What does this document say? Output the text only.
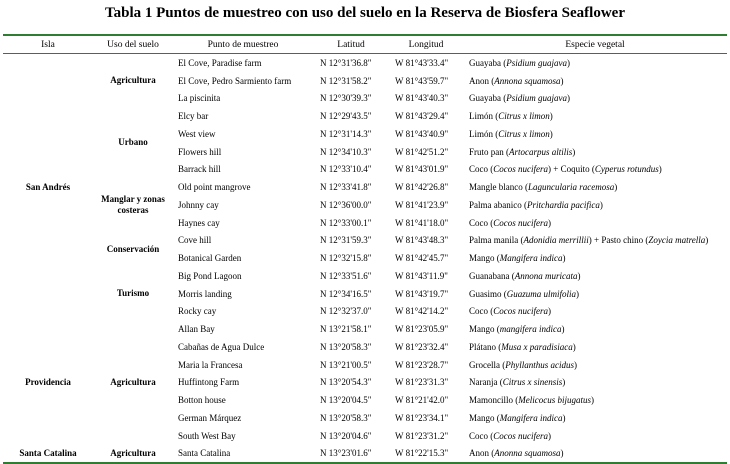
Tabla 1 Puntos de muestreo con uso del suelo en la Reserva de Biosfera Seaflower
Isla	Uso del suelo	Punto de muestreo	Latitud	Longitud	Especie vegetal
San Andrés	Agricultura	El Cove, Paradise farm	N 12°31'36.8"	W 81°43'33.4"	Guayaba (Psidium guajava)
		El Cove, Pedro Sarmiento farm	N 12°31'58.2"	W 81°43'59.7"	Anon (Annona squamosa)
		La piscinita	N 12°30'39.3"	W 81°43'40.3"	Guayaba (Psidium guajava)
	Urbano	Elcy bar	N 12°29'43.5"	W 81°43'29.4"	Limón (Citrus x limon)
		West view	N 12°31'14.3"	W 81°43'40.9"	Limón (Citrus x limon)
		Flowers hill	N 12°34'10.3"	W 81°42'51.2"	Fruto pan (Artocarpus altilis)
		Barrack hill	N 12°33'10.4"	W 81°43'01.9"	Coco (Cocos nucifera) + Coquito (Cyperus rotundus)
	Manglar y zonas costeras	Old point mangrove	N 12°33'41.8"	W 81°42'26.8"	Mangle blanco (Laguncularia racemosa)
		Johnny cay	N 12°36'00.0"	W 81°41'23.9"	Palma abanico (Pritchardia pacifica)
		Haynes cay	N 12°33'00.1"	W 81°41'18.0"	Coco (Cocos nucifera)
	Conservación	Cove hill	N 12°31'59.3"	W 81°43'48.3"	Palma manila (Adonidia merrillii) + Pasto chino (Zoycia matrella)
		Botanical Garden	N 12°32'15.8"	W 81°42'45.7"	Mango (Mangifera indica)
	Turismo	Big Pond Lagoon	N 12°33'51.6"	W 81°43'11.9"	Guanabana (Annona muricata)
		Morris landing	N 12°34'16.5"	W 81°43'19.7"	Guasimo (Guazuma ulmifolia)
		Rocky cay	N 12°32'37.0"	W 81°42'14.2"	Coco (Cocos nucifera)
Providencia	Agricultura	Allan Bay	N 13°21'58.1"	W 81°23'05.9"	Mango (mangifera indica)
		Cabañas de Agua Dulce	N 13°20'58.3"	W 81°23'32.4"	Plátano (Musa x paradisiaca)
		Maria la Francesa	N 13°21'00.5"	W 81°23'28.7"	Grocella (Phyllanthus acidus)
		Huffintong Farm	N 13°20'54.3"	W 81°23'31.3"	Naranja (Citrus x sinensis)
		Botton house	N 13°20'04.5"	W 81°21'42.0"	Mamoncillo (Melicocus bijugatus)
		German Márquez	N 13°20'58.3"	W 81°23'34.1"	Mango (Mangifera indica)
		South West Bay	N 13°20'04.6"	W 81°23'31.2"	Coco (Cocos nucifera)
Santa Catalina	Agricultura	Santa Catalina	N 13°23'01.6"	W 81°22'15.3"	Anon (Anonna squamosa)
